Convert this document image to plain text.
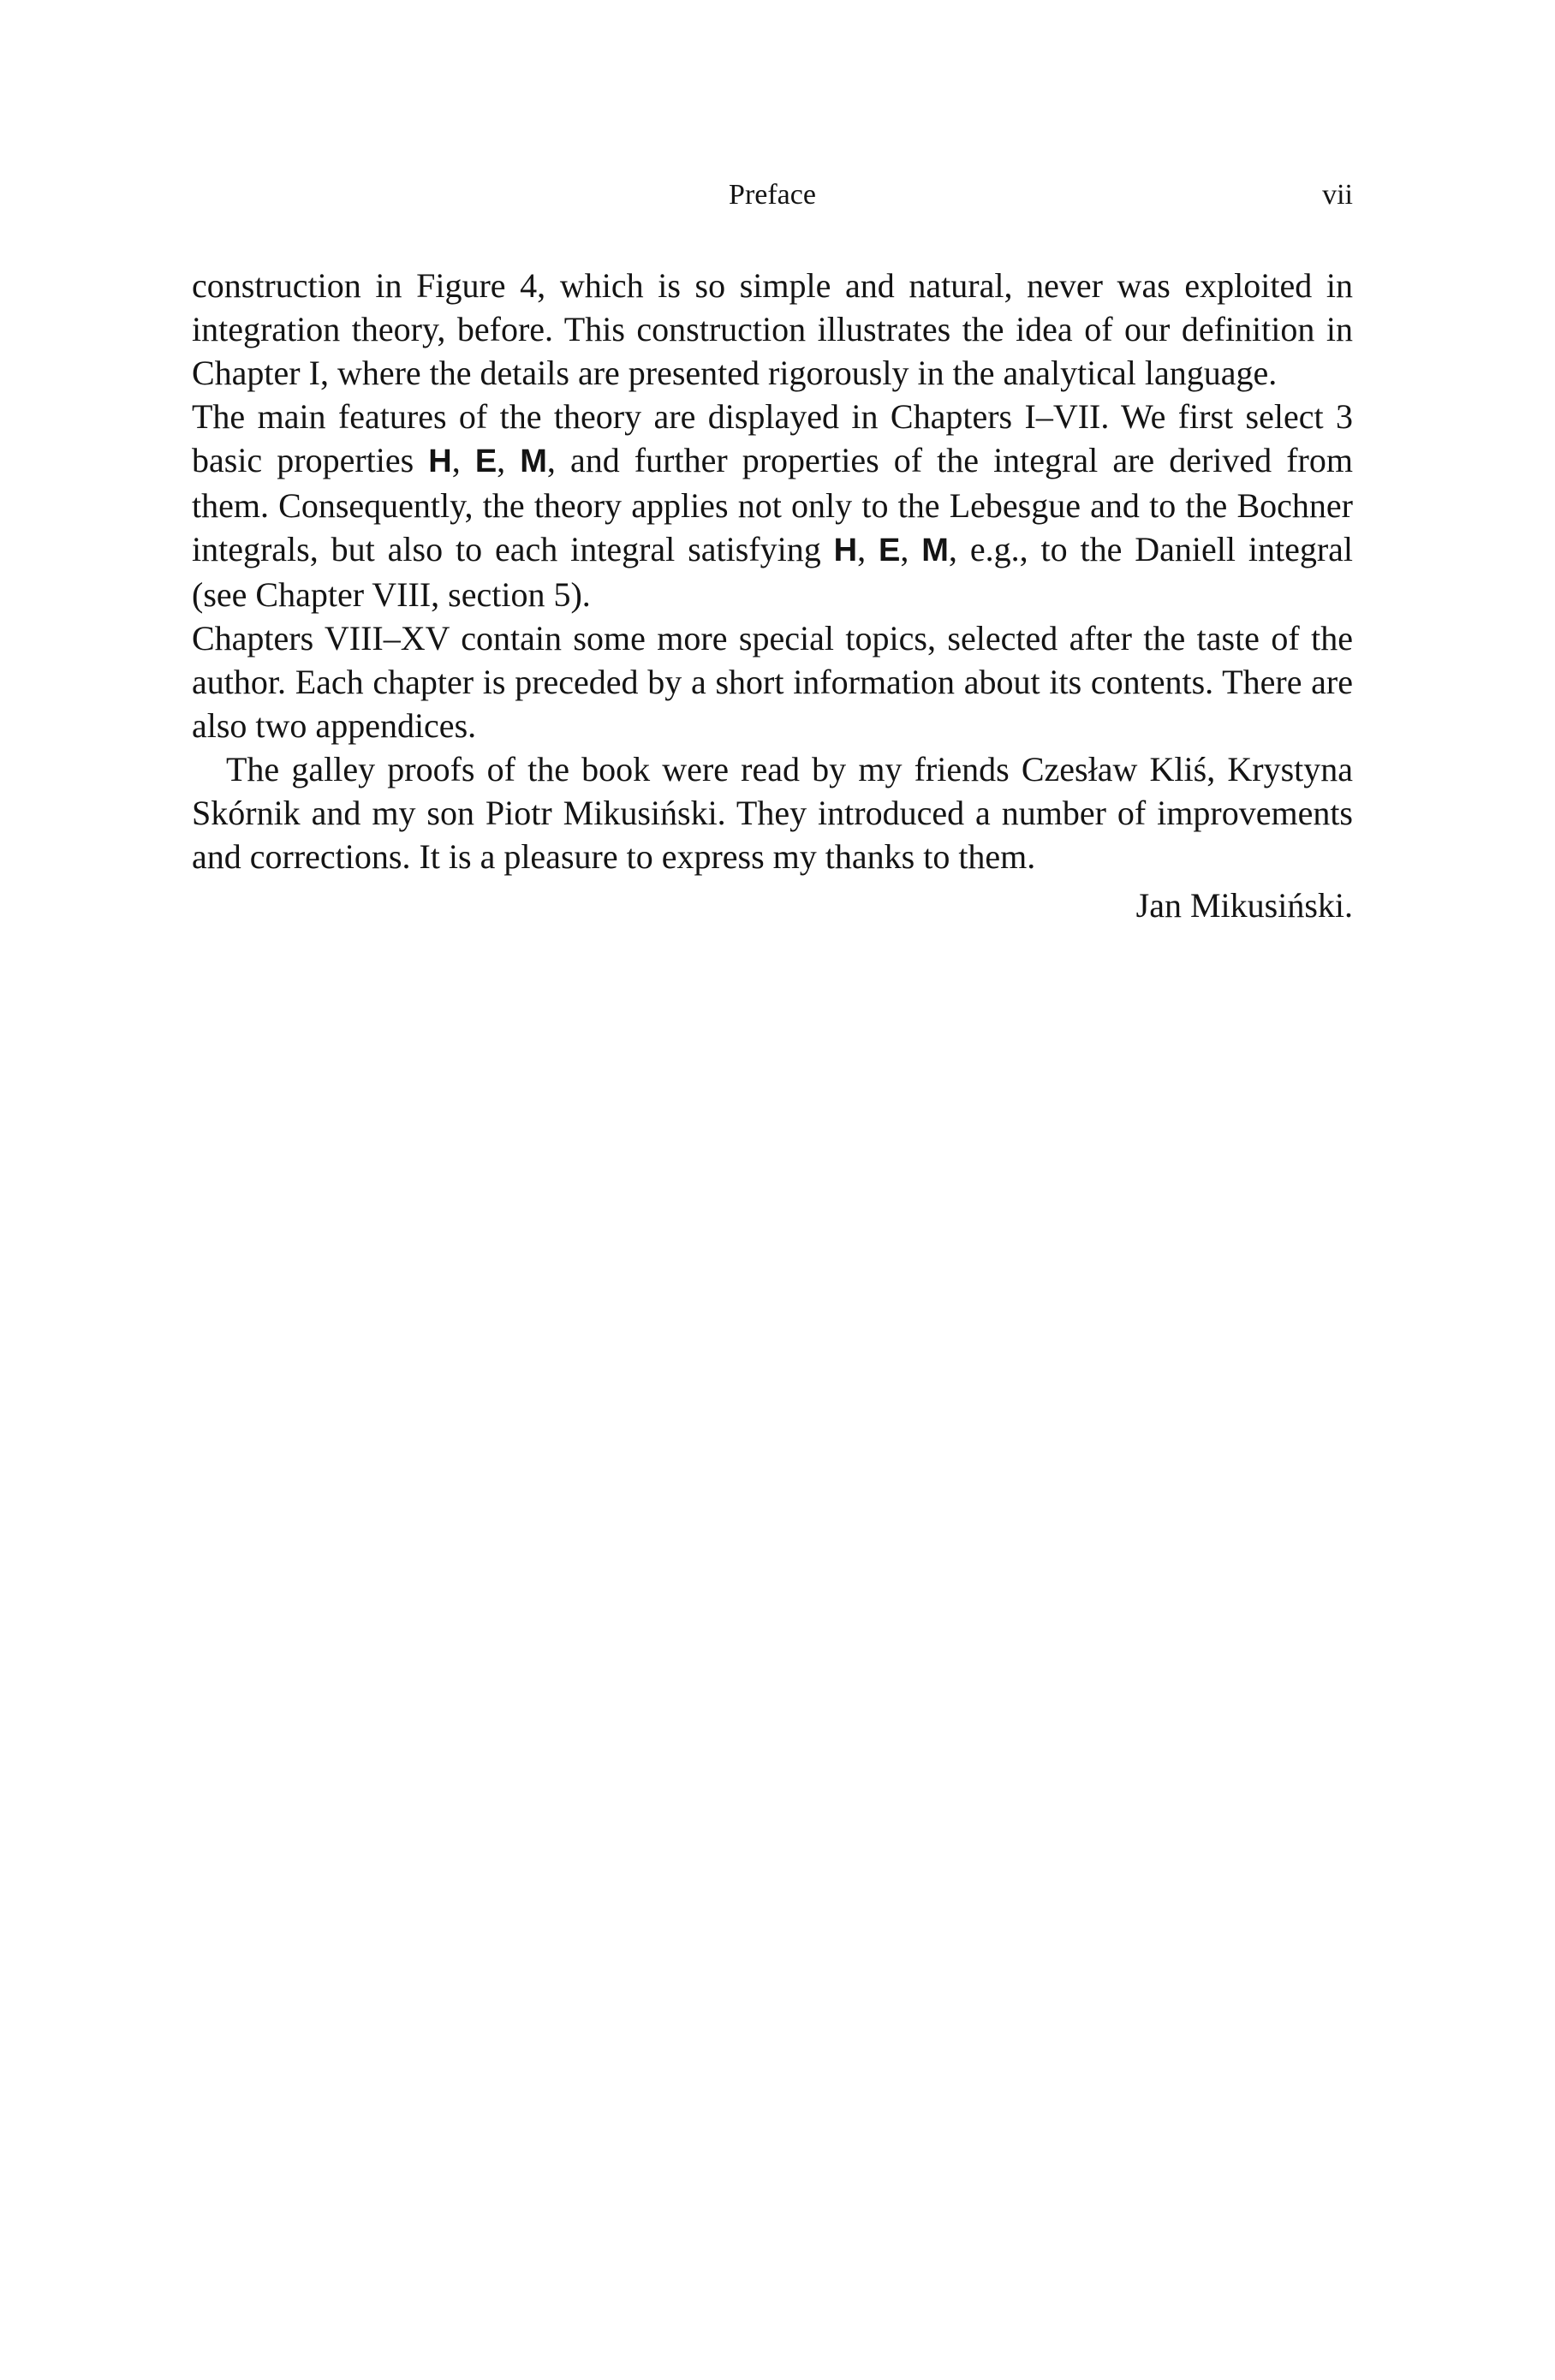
Preface	vii

construction in Figure 4, which is so simple and natural, never was exploited in integration theory, before. This construction illustrates the idea of our definition in Chapter I, where the details are presented rigorously in the analytical language.

The main features of the theory are displayed in Chapters I–VII. We first select 3 basic properties H, E, M, and further properties of the integral are derived from them. Consequently, the theory applies not only to the Lebesgue and to the Bochner integrals, but also to each integral satisfying H, E, M, e.g., to the Daniell integral (see Chapter VIII, section 5).

Chapters VIII–XV contain some more special topics, selected after the taste of the author. Each chapter is preceded by a short information about its contents. There are also two appendices.

The galley proofs of the book were read by my friends Czesław Kliś, Krystyna Skórnik and my son Piotr Mikusiński. They introduced a number of improvements and corrections. It is a pleasure to express my thanks to them.

Jan Mikusiński.
